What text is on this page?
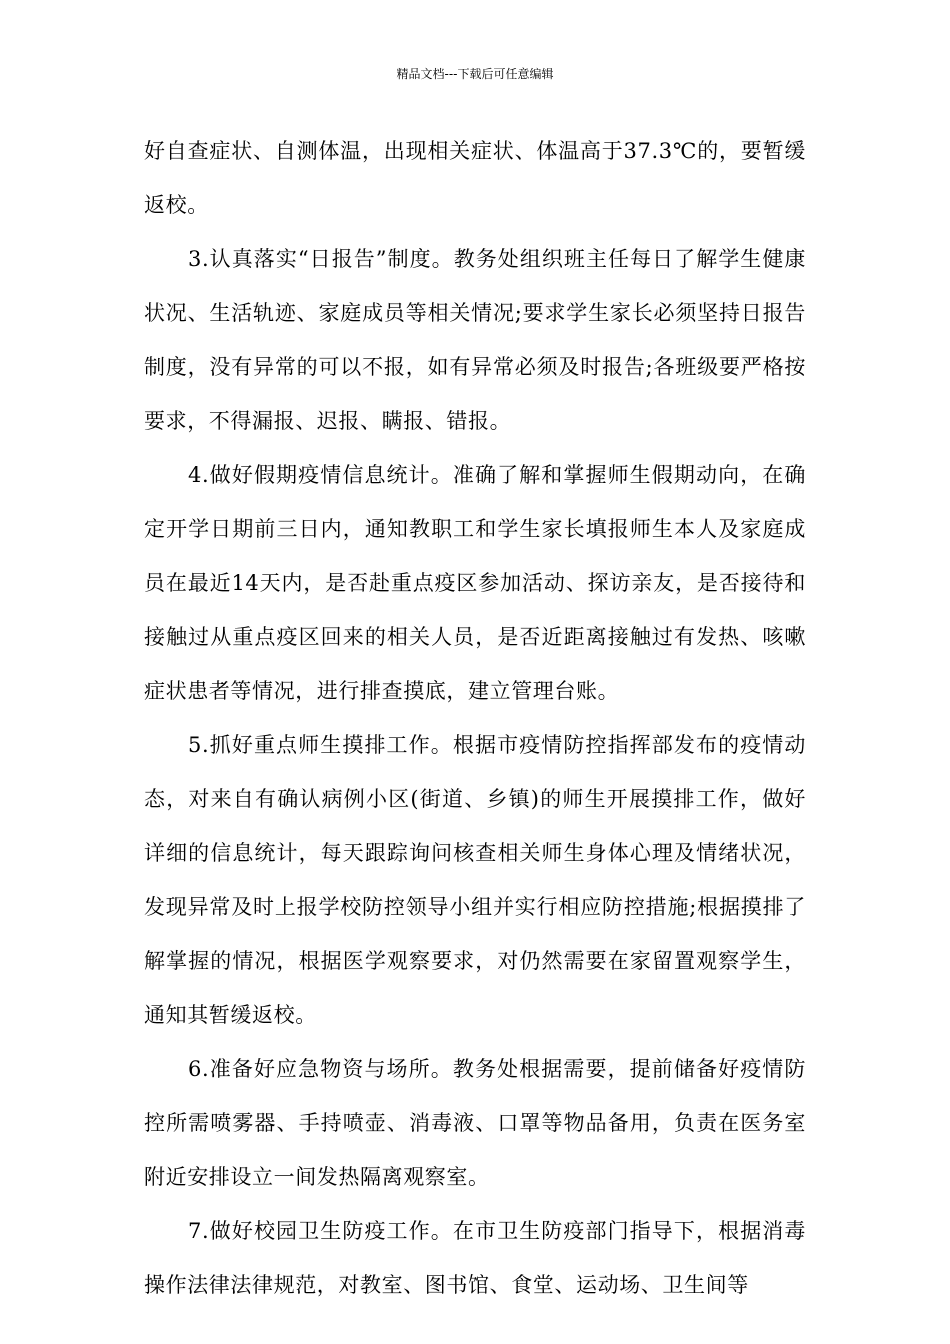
精品文档---下载后可任意编辑

好自查症状、自测体温，出现相关症状、体温高于37.3℃的，要暂缓返校。

3.认真落实“日报告”制度。教务处组织班主任每日了解学生健康状况、生活轨迹、家庭成员等相关情况;要求学生家长必须坚持日报告制度，没有异常的可以不报，如有异常必须及时报告;各班级要严格按要求，不得漏报、迟报、瞒报、错报。

4.做好假期疫情信息统计。准确了解和掌握师生假期动向，在确定开学日期前三日内，通知教职工和学生家长填报师生本人及家庭成员在最近14天内，是否赴重点疫区参加活动、探访亲友，是否接待和接触过从重点疫区回来的相关人员，是否近距离接触过有发热、咳嗽症状患者等情况，进行排查摸底，建立管理台账。

5.抓好重点师生摸排工作。根据市疫情防控指挥部发布的疫情动态，对来自有确认病例小区(街道、乡镇)的师生开展摸排工作，做好详细的信息统计，每天跟踪询问核查相关师生身体心理及情绪状况，发现异常及时上报学校防控领导小组并实行相应防控措施;根据摸排了解掌握的情况，根据医学观察要求，对仍然需要在家留置观察学生，通知其暂缓返校。

6.准备好应急物资与场所。教务处根据需要，提前储备好疫情防控所需喷雾器、手持喷壶、消毒液、口罩等物品备用，负责在医务室附近安排设立一间发热隔离观察室。

7.做好校园卫生防疫工作。在市卫生防疫部门指导下，根据消毒操作法律法律规范，对教室、图书馆、食堂、运动场、卫生间等
